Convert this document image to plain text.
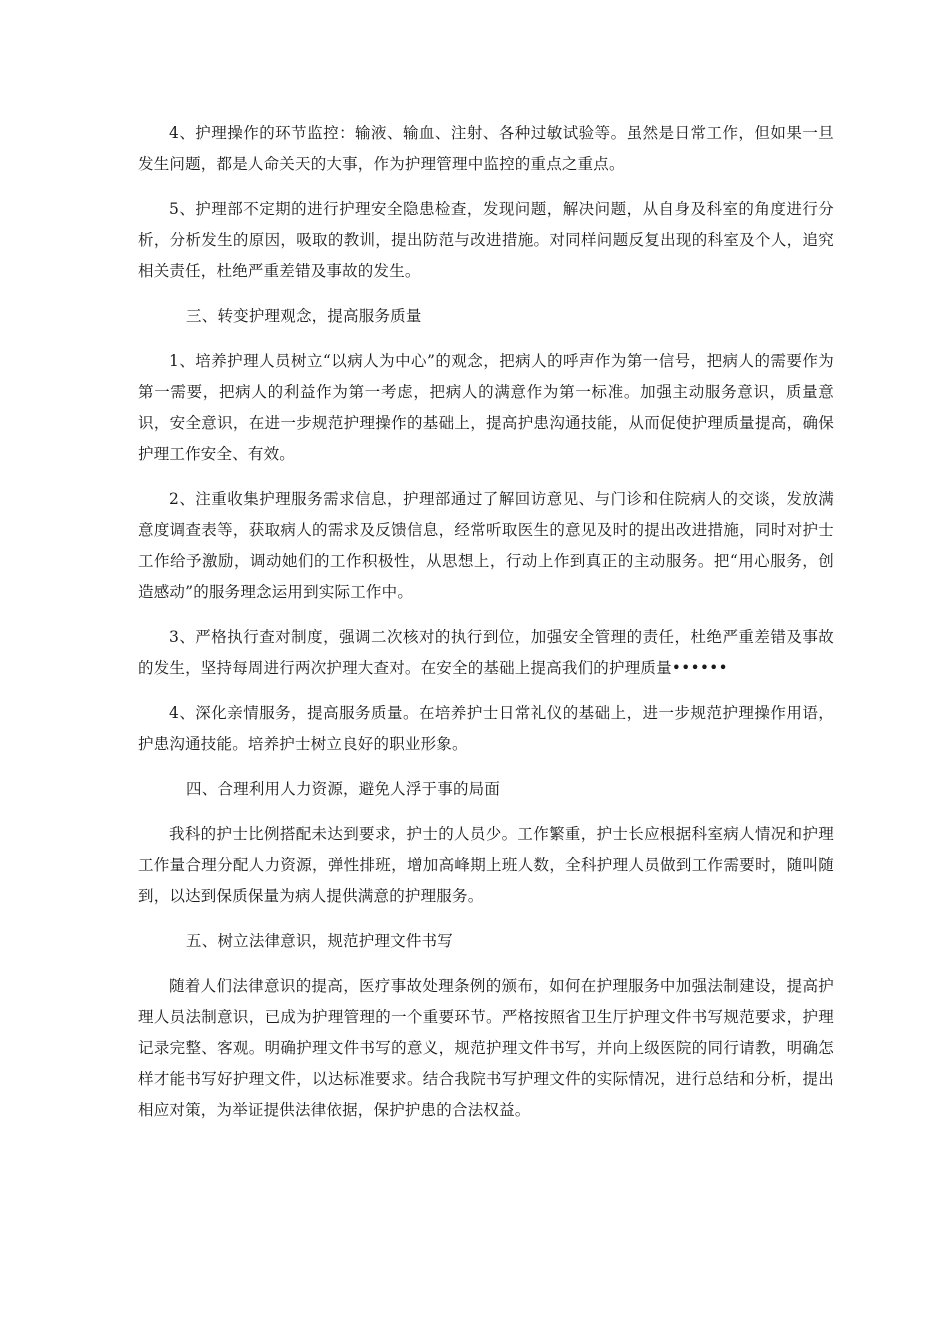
4、护理操作的环节监控：输液、输血、注射、各种过敏试验等。虽然是日常工作，但如果一旦发生问题，都是人命关天的大事，作为护理管理中监控的重点之重点。

5、护理部不定期的进行护理安全隐患检查，发现问题，解决问题，从自身及科室的角度进行分析，分析发生的原因，吸取的教训，提出防范与改进措施。对同样问题反复出现的科室及个人，追究相关责任，杜绝严重差错及事故的发生。

三、转变护理观念，提高服务质量

1、培养护理人员树立“以病人为中心”的观念，把病人的呼声作为第一信号，把病人的需要作为第一需要，把病人的利益作为第一考虑，把病人的满意作为第一标准。加强主动服务意识，质量意识，安全意识，在进一步规范护理操作的基础上，提高护患沟通技能，从而促使护理质量提高，确保护理工作安全、有效。

2、注重收集护理服务需求信息，护理部通过了解回访意见、与门诊和住院病人的交谈，发放满意度调查表等，获取病人的需求及反馈信息，经常听取医生的意见及时的提出改进措施，同时对护士工作给予激励，调动她们的工作积极性，从思想上，行动上作到真正的主动服务。把“用心服务，创造感动”的服务理念运用到实际工作中。

3、严格执行查对制度，强调二次核对的执行到位，加强安全管理的责任，杜绝严重差错及事故的发生，坚持每周进行两次护理大查对。在安全的基础上提高我们的护理质量••••••

4、深化亲情服务，提高服务质量。在培养护士日常礼仪的基础上，进一步规范护理操作用语，护患沟通技能。培养护士树立良好的职业形象。

四、合理利用人力资源，避免人浮于事的局面

我科的护士比例搭配未达到要求，护士的人员少。工作繁重，护士长应根据科室病人情况和护理工作量合理分配人力资源，弹性排班，增加高峰期上班人数，全科护理人员做到工作需要时，随叫随到，以达到保质保量为病人提供满意的护理服务。

五、树立法律意识，规范护理文件书写

随着人们法律意识的提高，医疗事故处理条例的颁布，如何在护理服务中加强法制建设，提高护理人员法制意识，已成为护理管理的一个重要环节。严格按照省卫生厅护理文件书写规范要求，护理记录完整、客观。明确护理文件书写的意义，规范护理文件书写，并向上级医院的同行请教，明确怎样才能书写好护理文件，以达标准要求。结合我院书写护理文件的实际情况，进行总结和分析，提出相应对策，为举证提供法律依据，保护护患的合法权益。
